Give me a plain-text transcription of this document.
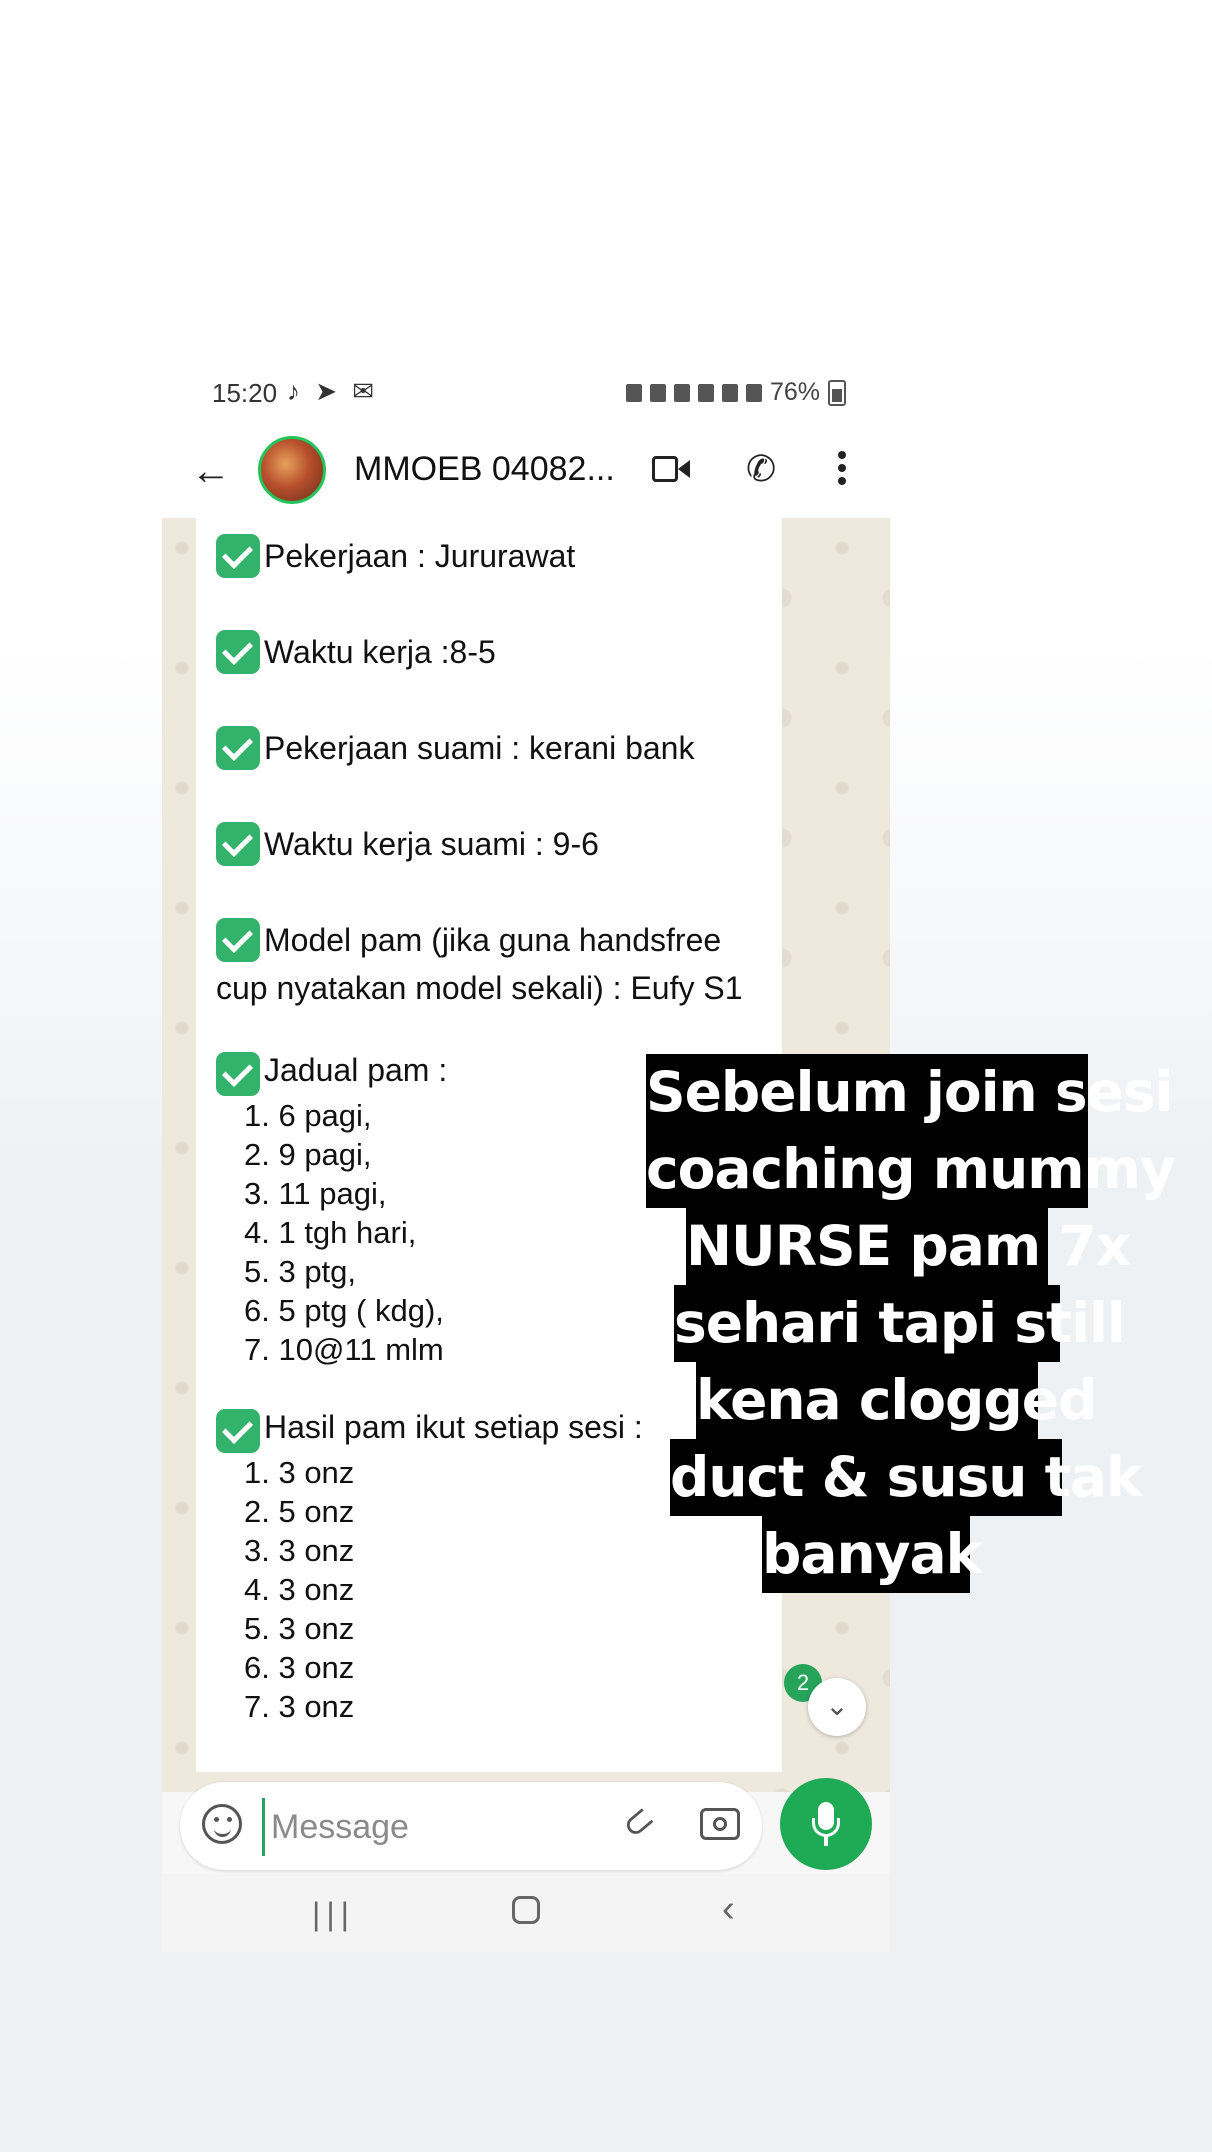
15:20 ♪ ➤ ✉	76%
←	MMOEB 04082...	✆
Pekerjaan : Jururawat
Waktu kerja :8-5
Pekerjaan suami : kerani bank
Waktu kerja suami : 9-6
Model pam (jika guna handsfree
cup nyatakan model sekali) : Eufy S1
Jadual pam :
1. 6 pagi,
2. 9 pagi,
3. 11 pagi,
4. 1 tgh hari,
5. 3 ptg,
6. 5 ptg ( kdg),
7. 10@11 mlm
Hasil pam ikut setiap sesi :
1. 3 onz
2. 5 onz
3. 3 onz
4. 3 onz
5. 3 onz
6. 3 onz
7. 3 onz
2
⌄
Message
⊂
|||	‹
Sebelum join sesi
coaching mummy
NURSE pam 7x
sehari tapi still
kena clogged
duct & susu tak
banyak
